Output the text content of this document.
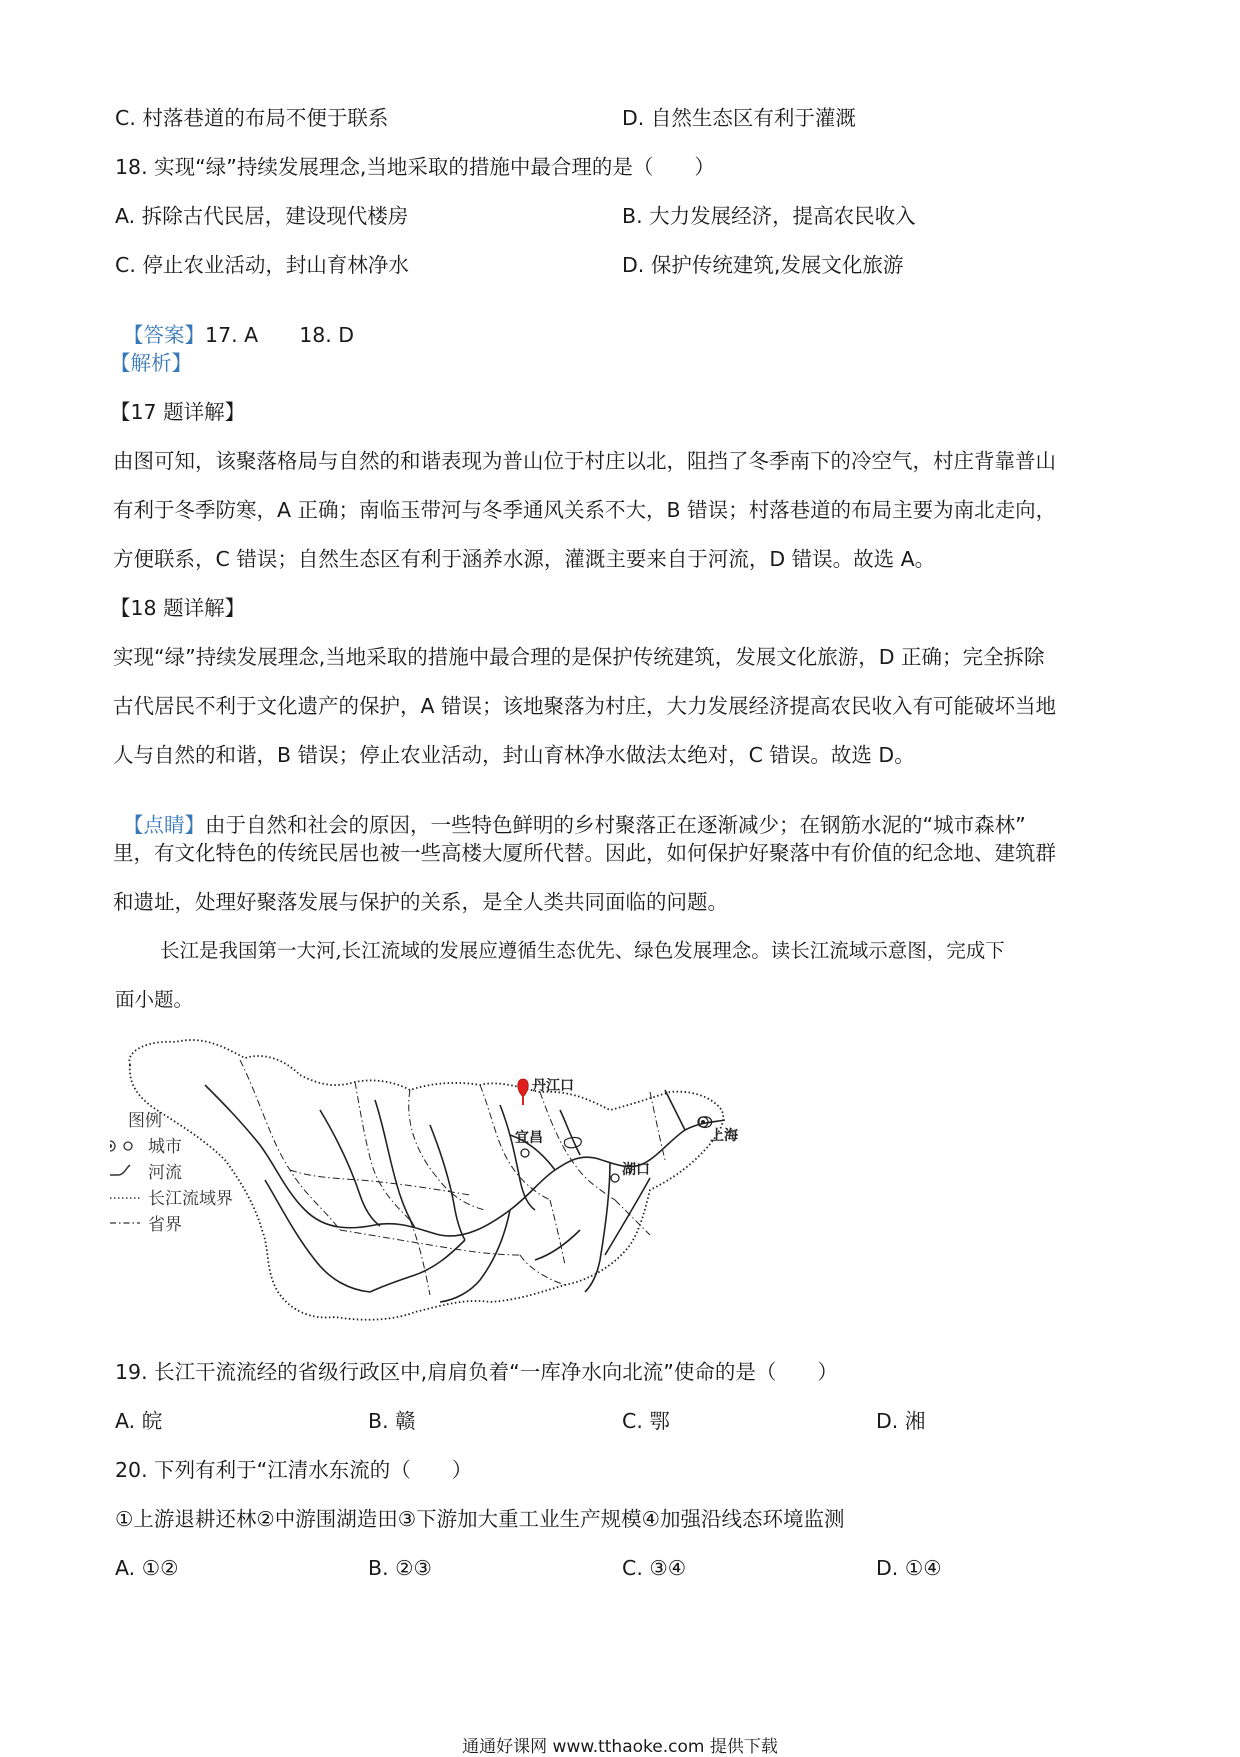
C. 村落巷道的布局不便于联系	D. 自然生态区有利于灌溉
18. 实现“绿”持续发展理念,当地采取的措施中最合理的是（　　）
A. 拆除古代民居，建设现代楼房	B. 大力发展经济，提高农民收入
C. 停止农业活动，封山育林净水	D. 保护传统建筑,发展文化旅游

【答案】17. A　　18. D

【解析】
【17 题详解】
由图可知，该聚落格局与自然的和谐表现为普山位于村庄以北，阻挡了冬季南下的冷空气，村庄背靠普山
有利于冬季防寒，A 正确；南临玉带河与冬季通风关系不大，B 错误；村落巷道的布局主要为南北走向，
方便联系，C 错误；自然生态区有利于涵养水源，灌溉主要来自于河流，D 错误。故选 A。
【18 题详解】
实现“绿”持续发展理念,当地采取的措施中最合理的是保护传统建筑，发展文化旅游，D 正确；完全拆除
古代居民不利于文化遗产的保护，A 错误；该地聚落为村庄，大力发展经济提高农民收入有可能破坏当地
人与自然的和谐，B 错误；停止农业活动，封山育林净水做法太绝对，C 错误。故选 D。

【点睛】由于自然和社会的原因，一些特色鲜明的乡村聚落正在逐渐减少；在钢筋水泥的“城市森林”

里，有文化特色的传统民居也被一些高楼大厦所代替。因此，如何保护好聚落中有价值的纪念地、建筑群
和遗址，处理好聚落发展与保护的关系，是全人类共同面临的问题。
长江是我国第一大河,长江流域的发展应遵循生态优先、绿色发展理念。读长江流域示意图，完成下
面小题。
图例
城市
河流
长江流域界
省界
丹江口
上海
宜昌
湖口
19. 长江干流流经的省级行政区中,肩肩负着“一库净水向北流”使命的是（　　）
A. 皖	B. 赣	C. 鄂	D. 湘
20. 下列有利于“江清水东流的（　　）
①上游退耕还林②中游围湖造田③下游加大重工业生产规模④加强沿线态环境监测
A. ①②	B. ②③	C. ③④	D. ①④
通通好课网 www.tthaoke.com 提供下载
